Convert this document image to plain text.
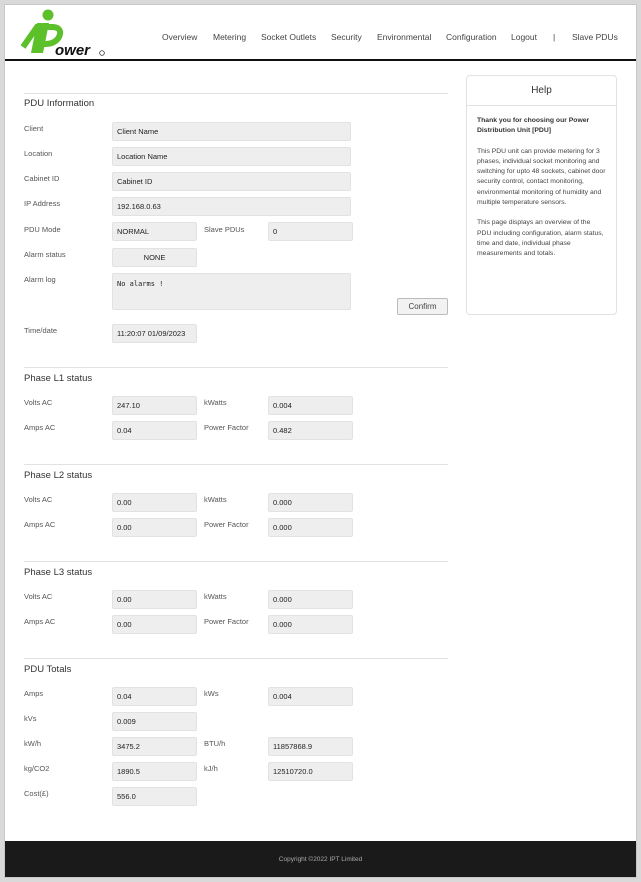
ower
Overview Metering Socket Outlets Security Environmental Configuration Logout | Slave PDUs
PDU Information
Client	Client Name
Location	Location Name
Cabinet ID	Cabinet ID
IP Address	192.168.0.63
PDU Mode	NORMAL	Slave PDUs	0
Alarm status	NONE
Alarm log	No alarms !
Confirm
Time/date	11:20:07 01/09/2023
Phase L1 status
Volts AC	247.10	kWatts	0.004
Amps AC	0.04	Power Factor	0.482
Phase L2 status
Volts AC	0.00	kWatts	0.000
Amps AC	0.00	Power Factor	0.000
Phase L3 status
Volts AC	0.00	kWatts	0.000
Amps AC	0.00	Power Factor	0.000
PDU Totals
Amps	0.04	kWs	0.004
kVs	0.009
kW/h	3475.2	BTU/h	11857868.9
kg/CO2	1890.5	kJ/h	12510720.0
Cost(£)	556.0
Help

Thank you for choosing our Power Distribution Unit [PDU]

This PDU unit can provide metering for 3 phases, individual socket monitoring and switching for upto 48 sockets, cabinet door security control, contact monitoring, environmental monitoring of humidity and multiple temperature sensors.

This page displays an overview of the PDU including configuration, alarm status, time and date, individual phase measurements and totals.

Copyright ©2022 IPT Limited
